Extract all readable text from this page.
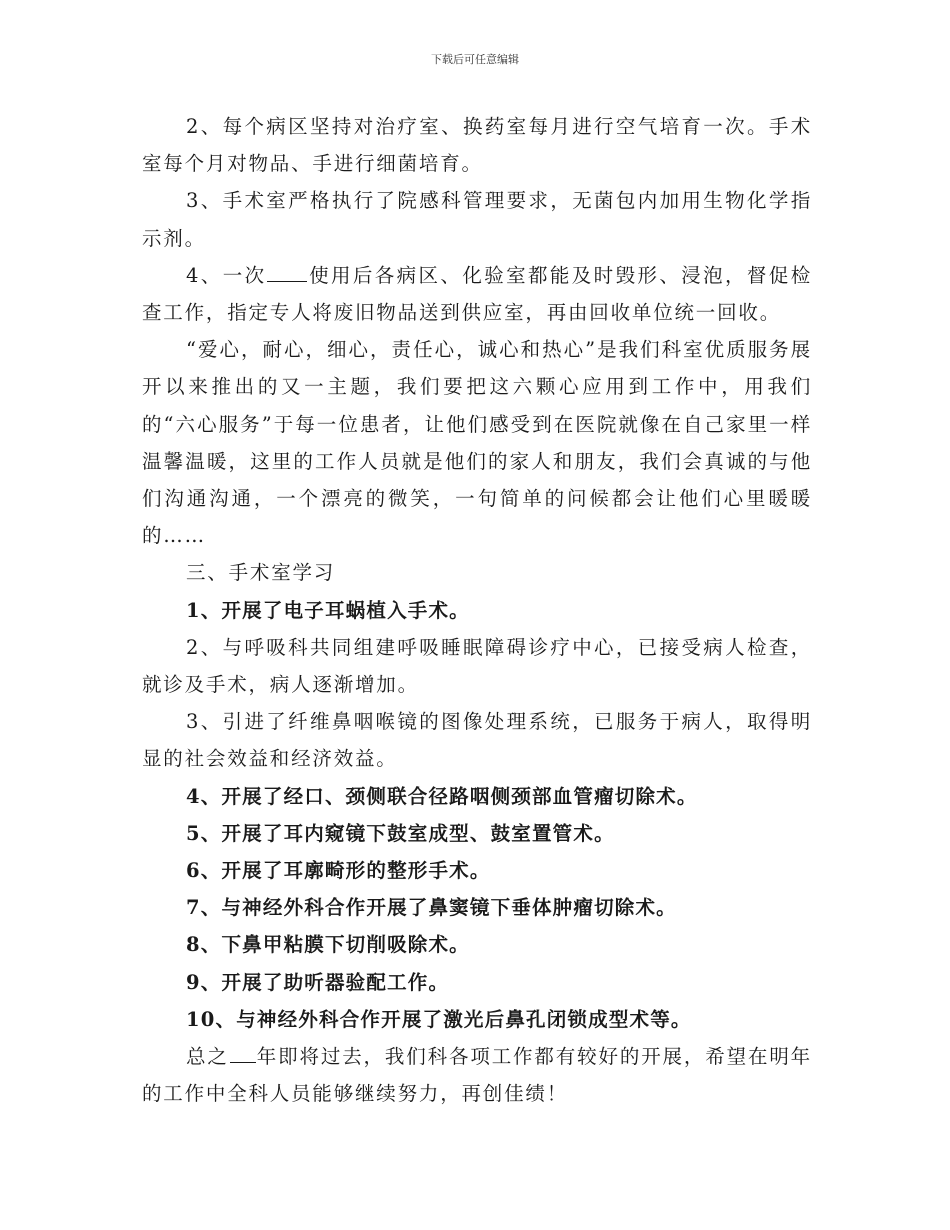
下载后可任意编辑

2、每个病区坚持对治疗室、换药室每月进行空气培育一次。手术室每个月对物品、手进行细菌培育。

3、手术室严格执行了院感科管理要求，无菌包内加用生物化学指示剂。

4、一次 使用后各病区、化验室都能及时毁形、浸泡，督促检查工作，指定专人将废旧物品送到供应室，再由回收单位统一回收。

“爱心，耐心，细心，责任心，诚心和热心”是我们科室优质服务展开以来推出的又一主题，我们要把这六颗心应用到工作中，用我们的“六心服务”于每一位患者，让他们感受到在医院就像在自己家里一样温馨温暖，这里的工作人员就是他们的家人和朋友，我们会真诚的与他们沟通沟通，一个漂亮的微笑，一句简单的问候都会让他们心里暖暖的……

三、手术室学习

1、开展了电子耳蜗植入手术。

2、与呼吸科共同组建呼吸睡眠障碍诊疗中心，已接受病人检查，就诊及手术，病人逐渐增加。

3、引进了纤维鼻咽喉镜的图像处理系统，已服务于病人，取得明显的社会效益和经济效益。

4、开展了经口、颈侧联合径路咽侧颈部血管瘤切除术。

5、开展了耳内窥镜下鼓室成型、鼓室置管术。

6、开展了耳廓畸形的整形手术。

7、与神经外科合作开展了鼻窦镜下垂体肿瘤切除术。

8、下鼻甲粘膜下切削吸除术。

9、开展了助听器验配工作。

10、与神经外科合作开展了激光后鼻孔闭锁成型术等。

总之 年即将过去，我们科各项工作都有较好的开展，希望在明年的工作中全科人员能够继续努力，再创佳绩！
